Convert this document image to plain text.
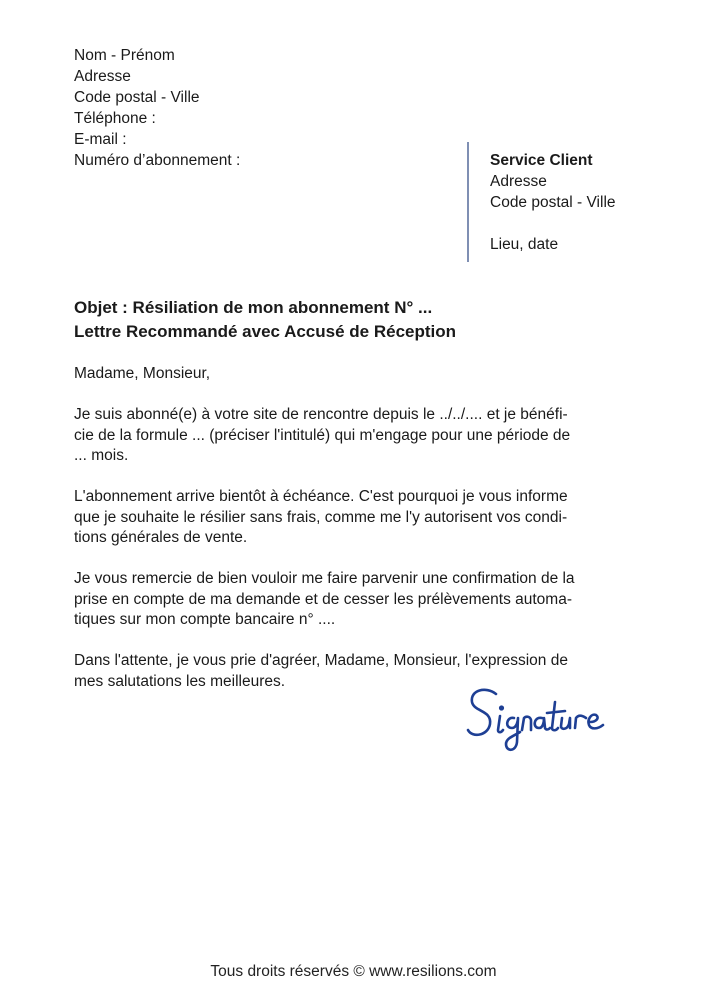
Nom - Prénom
Adresse
Code postal - Ville
Téléphone :
E-mail :
Numéro d’abonnement :	Service Client
Adresse
Code postal - Ville
Lieu, date
Objet : Résiliation de mon abonnement N° ...
Lettre Recommandé avec Accusé de Réception

Madame, Monsieur,

Je suis abonné(e) à votre site de rencontre depuis le ../../.... et je bénéfi-
cie de la formule ... (préciser l'intitulé) qui m'engage pour une période de
... mois.

L'abonnement arrive bientôt à échéance. C'est pourquoi je vous informe
que je souhaite le résilier sans frais, comme me l'y autorisent vos condi-
tions générales de vente.

Je vous remercie de bien vouloir me faire parvenir une confirmation de la
prise en compte de ma demande et de cesser les prélèvements automa-
tiques sur mon compte bancaire n° ....

Dans l'attente, je vous prie d'agréer, Madame, Monsieur, l'expression de
mes salutations les meilleures.

Tous droits réservés © www.resilions.com
